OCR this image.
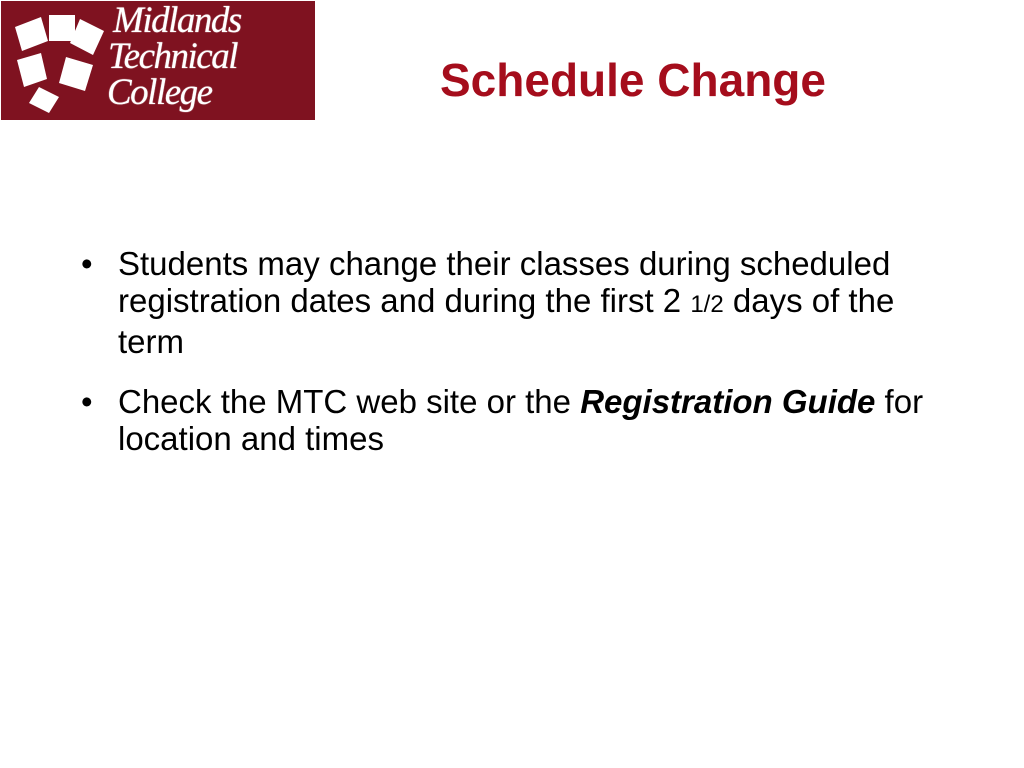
Midlands
Technical
College	Schedule Change
• Students may change their classes during scheduled registration dates and during the first 2 1/2 days of the term
• Check the MTC web site or the Registration Guide for location and times
